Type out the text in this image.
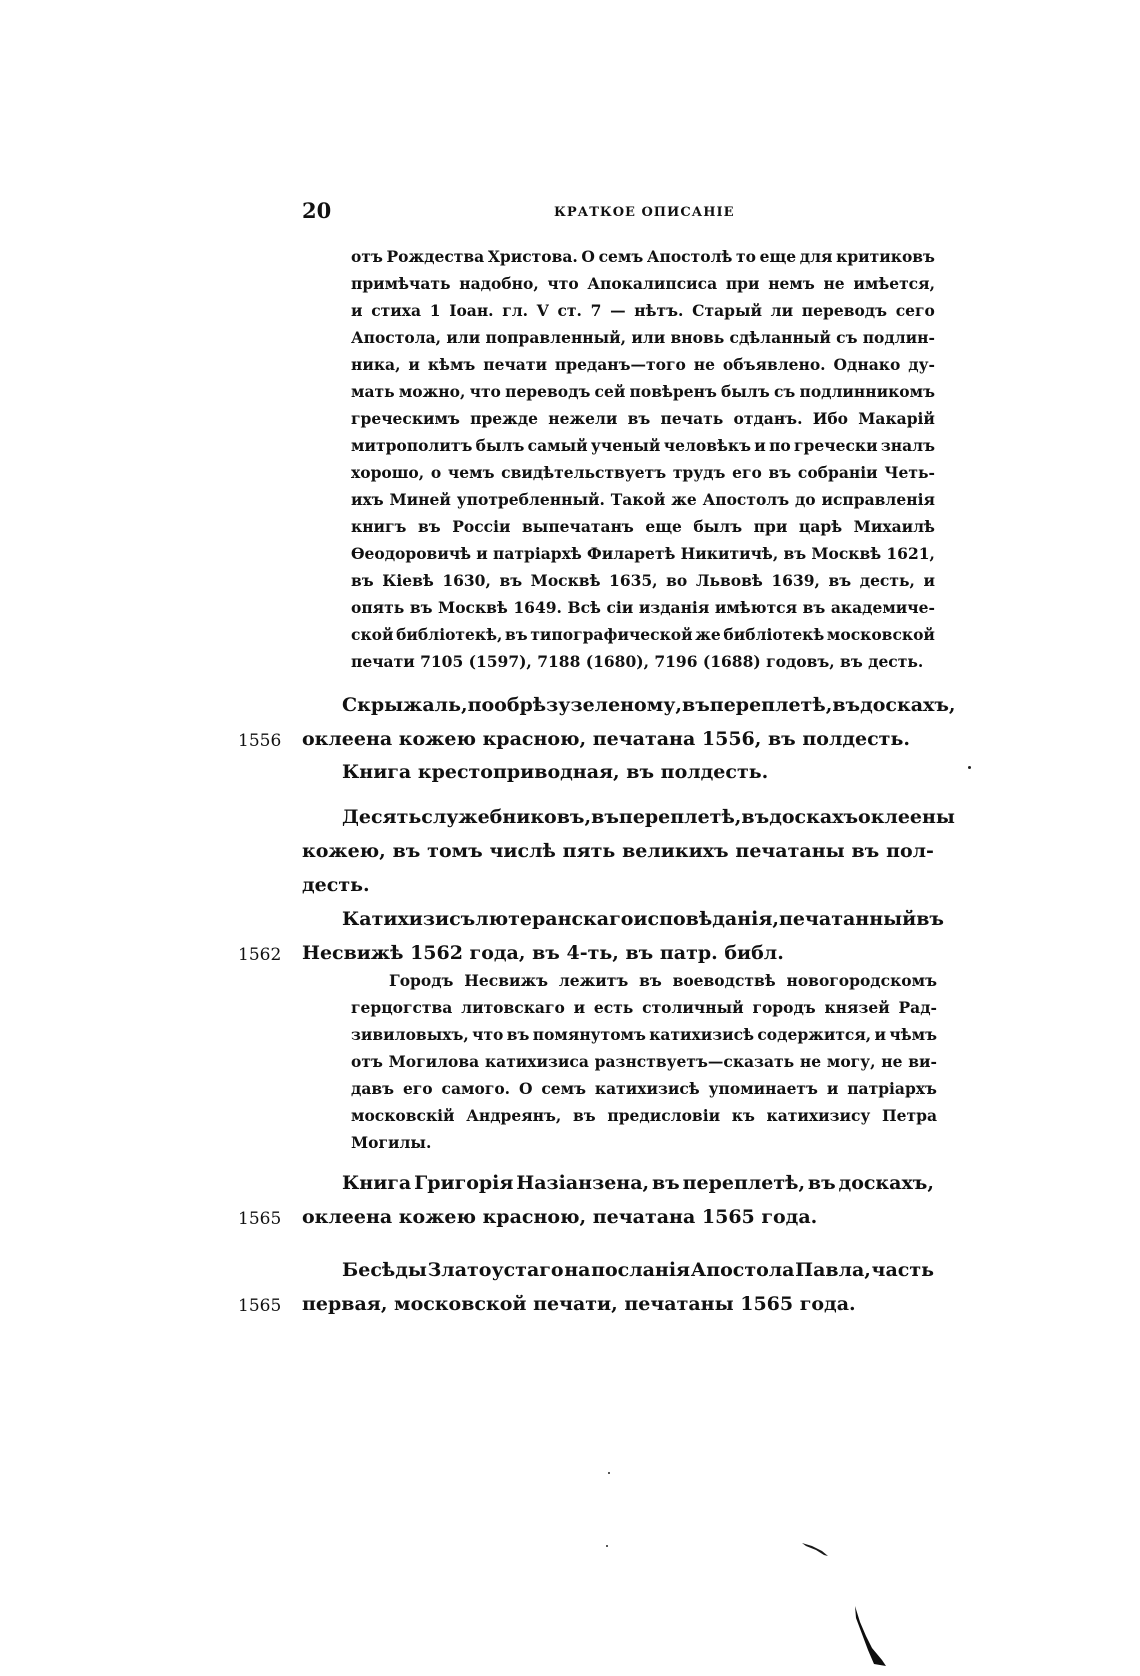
20	КРАТКОЕ ОПИСАНІЕ
отъ Рождества Христова. О семъ Апостолѣ то еще для критиковъ
примѣчать надобно, что Апокалипсиса при немъ не имѣется,
и стиха 1 Іоан. гл. V ст. 7 — нѣтъ. Старый ли переводъ сего
Апостола, или поправленный, или вновь сдѣланный съ подлин-
ника, и кѣмъ печати преданъ—того не объявлено. Однако ду-
мать можно, что переводъ сей повѣренъ былъ съ подлинникомъ
греческимъ прежде нежели въ печать отданъ. Ибо Макарій
митрополитъ былъ самый ученый человѣкъ и по гречески зналъ
хорошо, о чемъ свидѣтельствуетъ трудъ его въ собраніи Четь-
ихъ Миней употребленный. Такой же Апостолъ до исправленія
книгъ въ Россіи выпечатанъ еще былъ при царѣ Михаилѣ
Ѳеодоровичѣ и патріархѣ Филаретѣ Никитичѣ, въ Москвѣ 1621,
въ Кіевѣ 1630, въ Москвѣ 1635, во Львовѣ 1639, въ десть, и
опять въ Москвѣ 1649. Всѣ сіи изданія имѣются въ академиче-
ской библіотекѣ, въ типографической же библіотекѣ московской
печати 7105 (1597), 7188 (1680), 7196 (1688) годовъ, въ десть.
Скрыжаль, по обрѣзу зеленому, въ переплетѣ, въ доскахъ,
оклеена кожею красною, печатана 1556, въ полдесть.
1556
Книга крестоприводная, въ полдесть.
Десять служебниковъ, въ переплетѣ, въ доскахъ оклеены
кожею, въ томъ числѣ пять великихъ печатаны въ пол-
десть.
Катихизисъ лютеранскаго исповѣданія, печатанный въ
Несвижѣ 1562 года, въ 4-ть, въ патр. библ.
1562
Городъ Несвижъ лежитъ въ воеводствѣ новогородскомъ
герцогства литовскаго и есть столичный городъ князей Рад-
зивиловыхъ, что въ помянутомъ катихизисѣ содержится, и чѣмъ
отъ Могилова катихизиса разнствуетъ—сказать не могу, не ви-
давъ его самого. О семъ катихизисѣ упоминаетъ и патріархъ
московскій Андреянъ, въ предисловіи къ катихизису Петра
Могилы.
Книга Григорія Назіанзена, въ переплетѣ, въ доскахъ,
оклеена кожею красною, печатана 1565 года.
1565
Бесѣды Златоустаго на посланія Апостола Павла, часть
первая, московской печати, печатаны 1565 года.
1565
